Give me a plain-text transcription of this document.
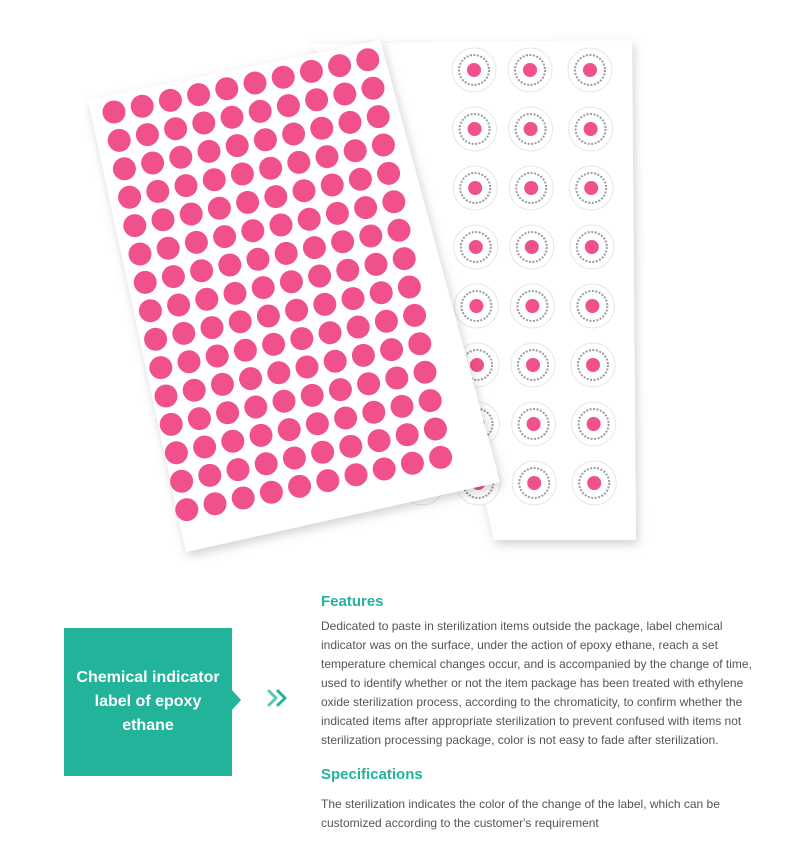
Chemical indicator label of epoxy ethane
Features

Dedicated to paste in sterilization items outside the package, label chemical indicator was on the surface, under the action of epoxy ethane, reach a set temperature chemical changes occur, and is accompanied by the change of time, used to identify whether or not the item package has been treated with ethylene oxide sterilization process, according to the chromaticity, to confirm whether the indicated items after appropriate sterilization to prevent confused with items not sterilization processing package, color is not easy to fade after sterilization.

Specifications

The sterilization indicates the color of the change of the label, which can be customized according to the customer's requirement
